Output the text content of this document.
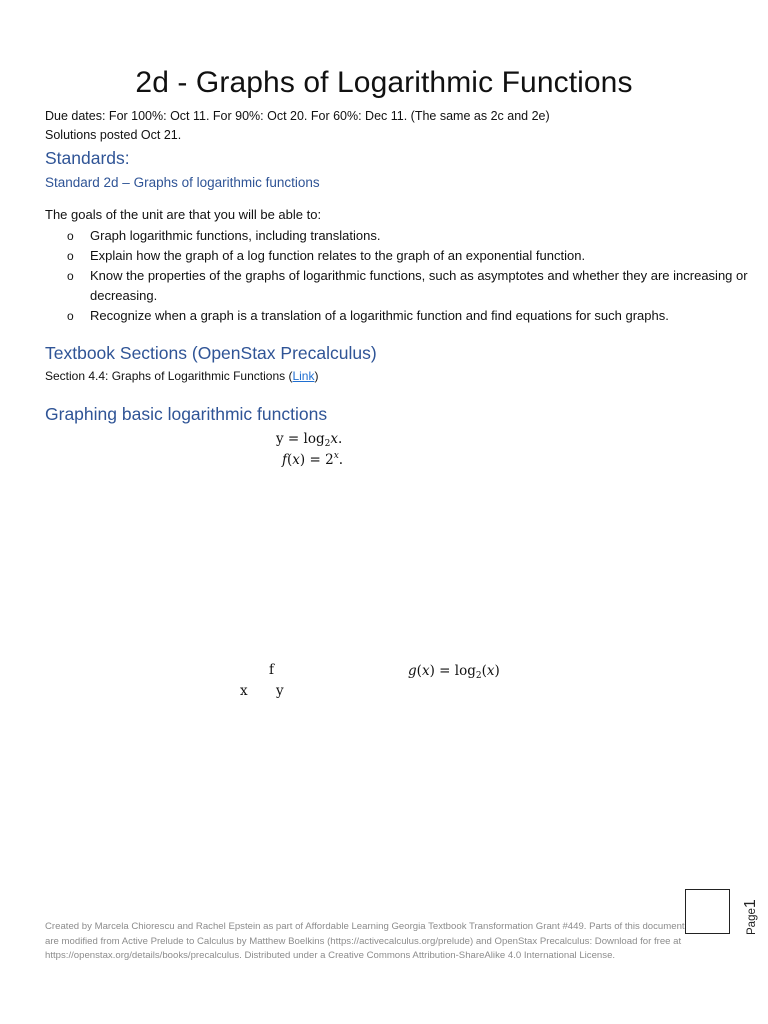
2d - Graphs of Logarithmic Functions
Due dates: For 100%: Oct 11. For 90%: Oct 20. For 60%: Dec 11. (The same as 2c and 2e)
Solutions posted Oct 21.
Standards:
Standard 2d – Graphs of logarithmic functions
The goals of the unit are that you will be able to:
o Graph logarithmic functions, including translations.
o Explain how the graph of a log function relates to the graph of an exponential function.
o Know the properties of the graphs of logarithmic functions, such as asymptotes and whether they are increasing or decreasing.
o Recognize when a graph is a translation of a logarithmic function and find equations for such graphs.
Textbook Sections (OpenStax Precalculus)
Section 4.4: Graphs of Logarithmic Functions (Link)
Graphing basic logarithmic functions
$y = \log_2x$.
$f(x) = 2^x$.
f
x y
$g(x) = \log_2(x)$
Created by Marcela Chiorescu and Rachel Epstein as part of Affordable Learning Georgia Textbook Transformation Grant #449. Parts of this document are modified from Active Prelude to Calculus by Matthew Boelkins (https://activecalculus.org/prelude) and OpenStax Precalculus: Download for free at https://openstax.org/details/books/precalculus. Distributed under a Creative Commons Attribution-ShareAlike 4.0 International License.
Page1
